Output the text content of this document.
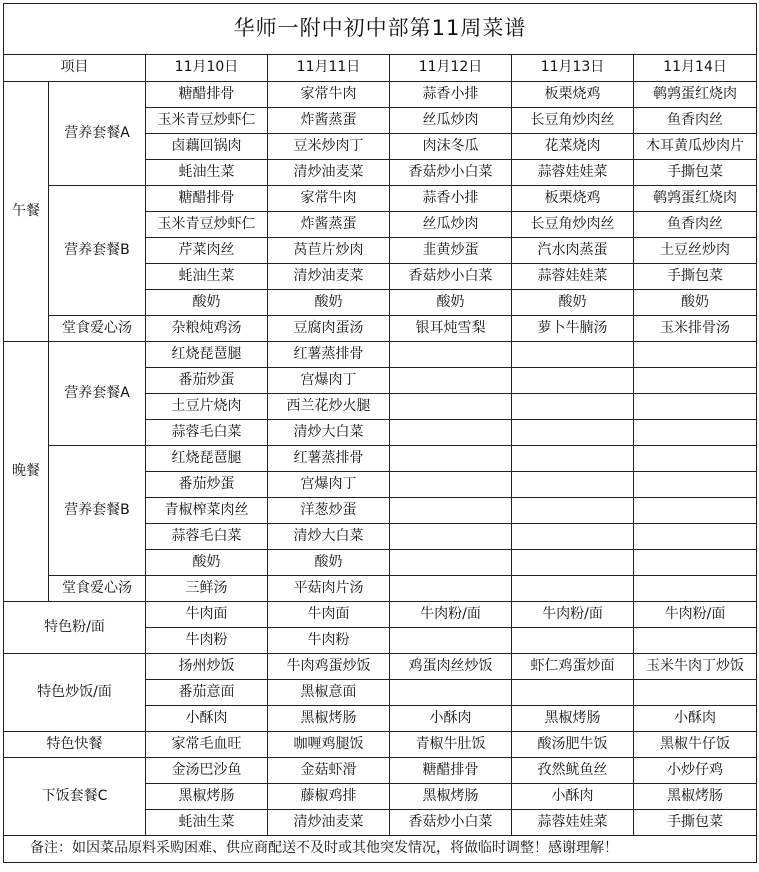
华师一附中初中部第11周菜谱						
项目		11月10日	11月11日	11月12日	11月13日	11月14日
午餐	营养套餐A	糖醋排骨	家常牛肉	蒜香小排	板栗烧鸡	鹌鹑蛋红烧肉
		玉米青豆炒虾仁	炸酱蒸蛋	丝瓜炒肉	长豆角炒肉丝	鱼香肉丝
		卤藕回锅肉	豆米炒肉丁	肉沫冬瓜	花菜烧肉	木耳黄瓜炒肉片
		蚝油生菜	清炒油麦菜	香菇炒小白菜	蒜蓉娃娃菜	手撕包菜
	营养套餐B	糖醋排骨	家常牛肉	蒜香小排	板栗烧鸡	鹌鹑蛋红烧肉
		玉米青豆炒虾仁	炸酱蒸蛋	丝瓜炒肉	长豆角炒肉丝	鱼香肉丝
		芹菜肉丝	莴苣片炒肉	韭黄炒蛋	汽水肉蒸蛋	土豆丝炒肉
		蚝油生菜	清炒油麦菜	香菇炒小白菜	蒜蓉娃娃菜	手撕包菜
		酸奶	酸奶	酸奶	酸奶	酸奶
	堂食爱心汤	杂粮炖鸡汤	豆腐肉蛋汤	银耳炖雪梨	萝卜牛腩汤	玉米排骨汤
晚餐	营养套餐A	红烧琵琶腿	红薯蒸排骨			
		番茄炒蛋	宫爆肉丁			
		土豆片烧肉	西兰花炒火腿			
		蒜蓉毛白菜	清炒大白菜			
	营养套餐B	红烧琵琶腿	红薯蒸排骨			
		番茄炒蛋	宫爆肉丁			
		青椒榨菜肉丝	洋葱炒蛋			
		蒜蓉毛白菜	清炒大白菜			
		酸奶	酸奶			
	堂食爱心汤	三鲜汤	平菇肉片汤			
特色粉/面		牛肉面	牛肉面	牛肉粉/面	牛肉粉/面	牛肉粉/面
		牛肉粉	牛肉粉			
特色炒饭/面		扬州炒饭	牛肉鸡蛋炒饭	鸡蛋肉丝炒饭	虾仁鸡蛋炒面	玉米牛肉丁炒饭
		番茄意面	黑椒意面			
		小酥肉	黑椒烤肠	小酥肉	黑椒烤肠	小酥肉
特色快餐		家常毛血旺	咖喱鸡腿饭	青椒牛肚饭	酸汤肥牛饭	黑椒牛仔饭
下饭套餐C		金汤巴沙鱼	金菇虾滑	糖醋排骨	孜然鱿鱼丝	小炒仔鸡
		黑椒烤肠	藤椒鸡排	黑椒烤肠	小酥肉	黑椒烤肠
		蚝油生菜	清炒油麦菜	香菇炒小白菜	蒜蓉娃娃菜	手撕包菜
备注：如因菜品原料采购困难、供应商配送不及时或其他突发情况，将做临时调整！感谢理解！						
